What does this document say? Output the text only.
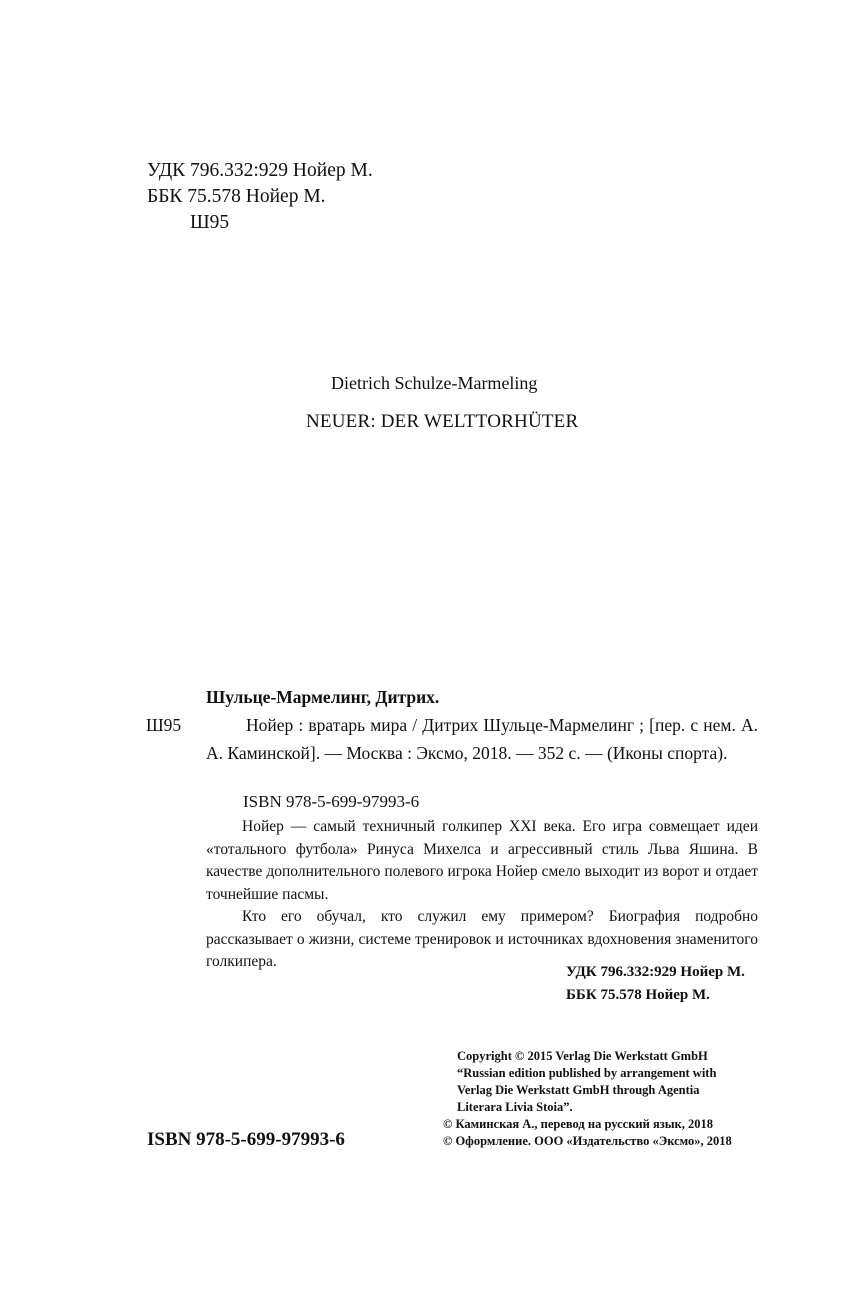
УДК 796.332:929 Нойер М.
ББК 75.578 Нойер М.
Ш95
Dietrich Schulze-Marmeling
NEUER: DER WELTTORHÜTER
Шульце-Мармелинг, Дитрих.
Ш95	Нойер : вратарь мира / Дитрих Шульце-Мармелинг ; [пер. с нем. А. А. Каминской]. — Москва : Эксмо, 2018. — 352 с. — (Иконы спорта).
ISBN 978-5-699-97993-6

Нойер — самый техничный голкипер XXI века. Его игра совмещает идеи «тотального футбола» Ринуса Михелса и агрессивный стиль Льва Яшина. В качестве дополнительного полевого игрока Нойер смело выходит из ворот и отдает точнейшие пасмы.

Кто его обучал, кто служил ему примером? Биография подробно рассказывает о жизни, системе тренировок и источниках вдохновения знаменитого голкипера.

УДК 796.332:929 Нойер М.
ББК 75.578 Нойер М.
Copyright © 2015 Verlag Die Werkstatt GmbH
“Russian edition published by arrangement with
Verlag Die Werkstatt GmbH through Agentia
Literara Livia Stoia”.
© Каминская А., перевод на русский язык, 2018
© Оформление. ООО «Издательство «Эксмо», 2018
ISBN 978-5-699-97993-6
